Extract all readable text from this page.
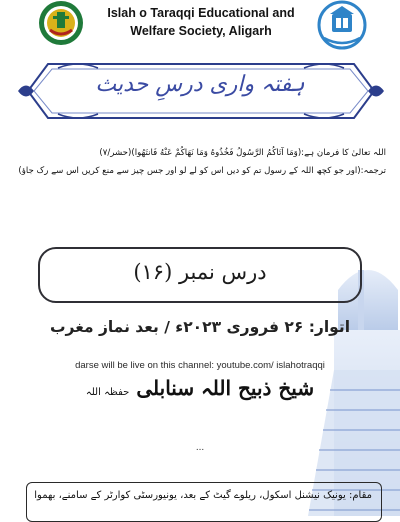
Islah o Taraqqi Educational and
Welfare Society, Aligarh
ہفتہ واری درسِ حدیث
اللہ تعالیٰ کا فرمان ہے:(وَمَا آتَاكُمُ الرَّسُولُ فَخُذُوهُ وَمَا نَهَاكُمْ عَنْهُ فَانتَهُوا)(حشر/۷)
ترجمہ:(اور جو کچھ اللہ کے رسول تم کو دیں اس کو لے لو اور جس چیز سے منع کریں اس سے رک جاؤ)
درس نمبر (۱۶)
اتوار: ۲۶ فروری ۲۰۲۳ء / بعد نماز مغرب
darse will be live on this channel: youtube.com/ islahotraqqi
شیخ ذبیح اللہ سنابلی حفظہ اللہ
...
مقام: یونیک نیشنل اسکول، ریلوے گیٹ کے بعد، یونیورسٹی کوارٹر کے سامنے، بھموا
